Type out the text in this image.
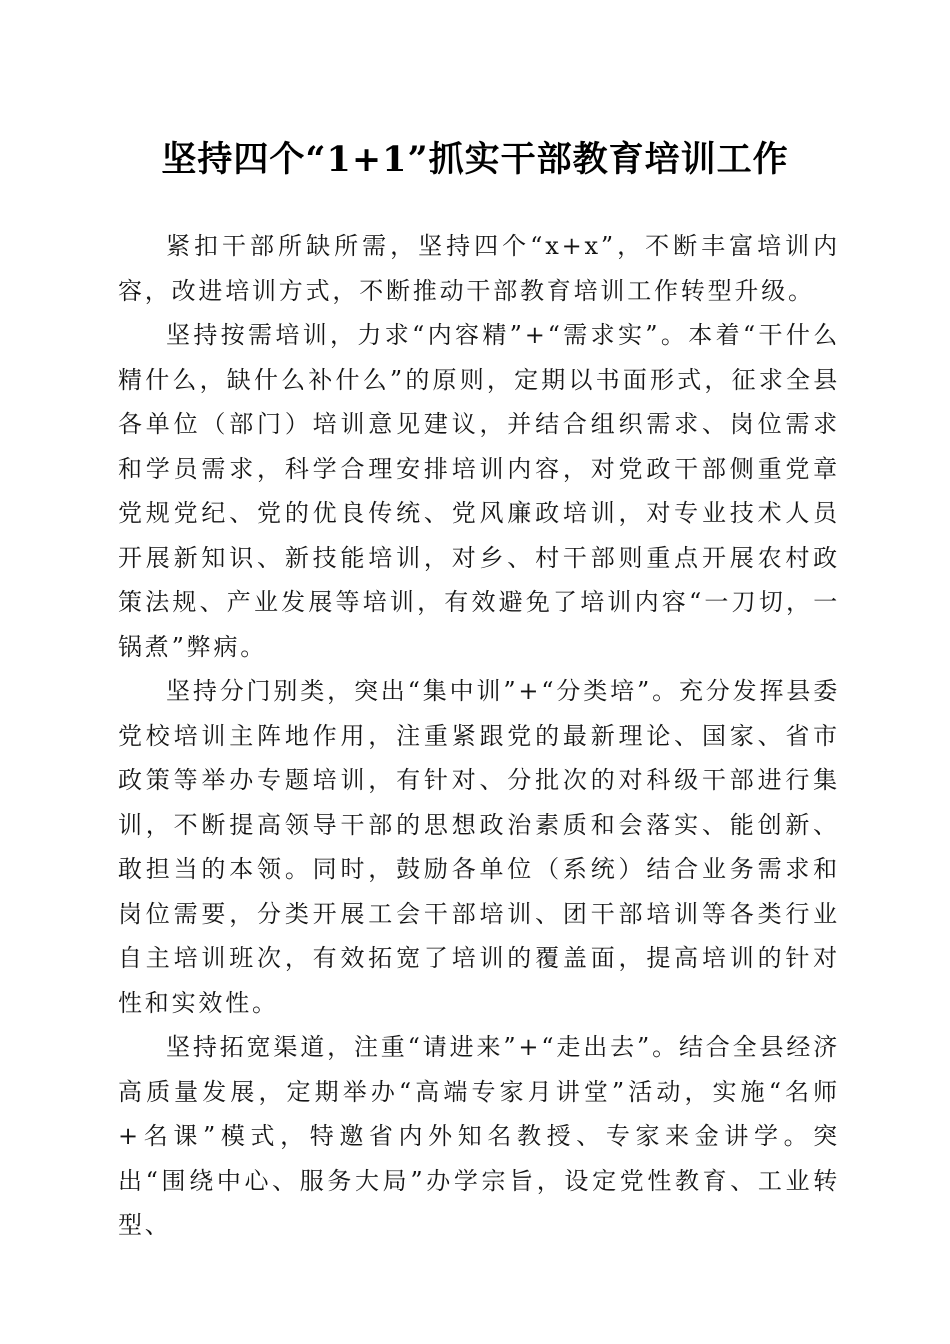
坚持四个“1+1”抓实干部教育培训工作

紧扣干部所缺所需，坚持四个“x+x”，不断丰富培训内容，改进培训方式，不断推动干部教育培训工作转型升级。

坚持按需培训，力求“内容精”+“需求实”。本着“干什么精什么，缺什么补什么”的原则，定期以书面形式，征求全县各单位（部门）培训意见建议，并结合组织需求、岗位需求和学员需求，科学合理安排培训内容，对党政干部侧重党章党规党纪、党的优良传统、党风廉政培训，对专业技术人员开展新知识、新技能培训，对乡、村干部则重点开展农村政策法规、产业发展等培训，有效避免了培训内容“一刀切，一锅煮”弊病。

坚持分门别类，突出“集中训”+“分类培”。充分发挥县委党校培训主阵地作用，注重紧跟党的最新理论、国家、省市政策等举办专题培训，有针对、分批次的对科级干部进行集训，不断提高领导干部的思想政治素质和会落实、能创新、敢担当的本领。同时，鼓励各单位（系统）结合业务需求和岗位需要，分类开展工会干部培训、团干部培训等各类行业自主培训班次，有效拓宽了培训的覆盖面，提高培训的针对性和实效性。

坚持拓宽渠道，注重“请进来”+“走出去”。结合全县经济高质量发展，定期举办“高端专家月讲堂”活动，实施“名师+名课”模式，特邀省内外知名教授、专家来金讲学。突出“围绕中心、服务大局”办学宗旨，设定党性教育、工业转型、
